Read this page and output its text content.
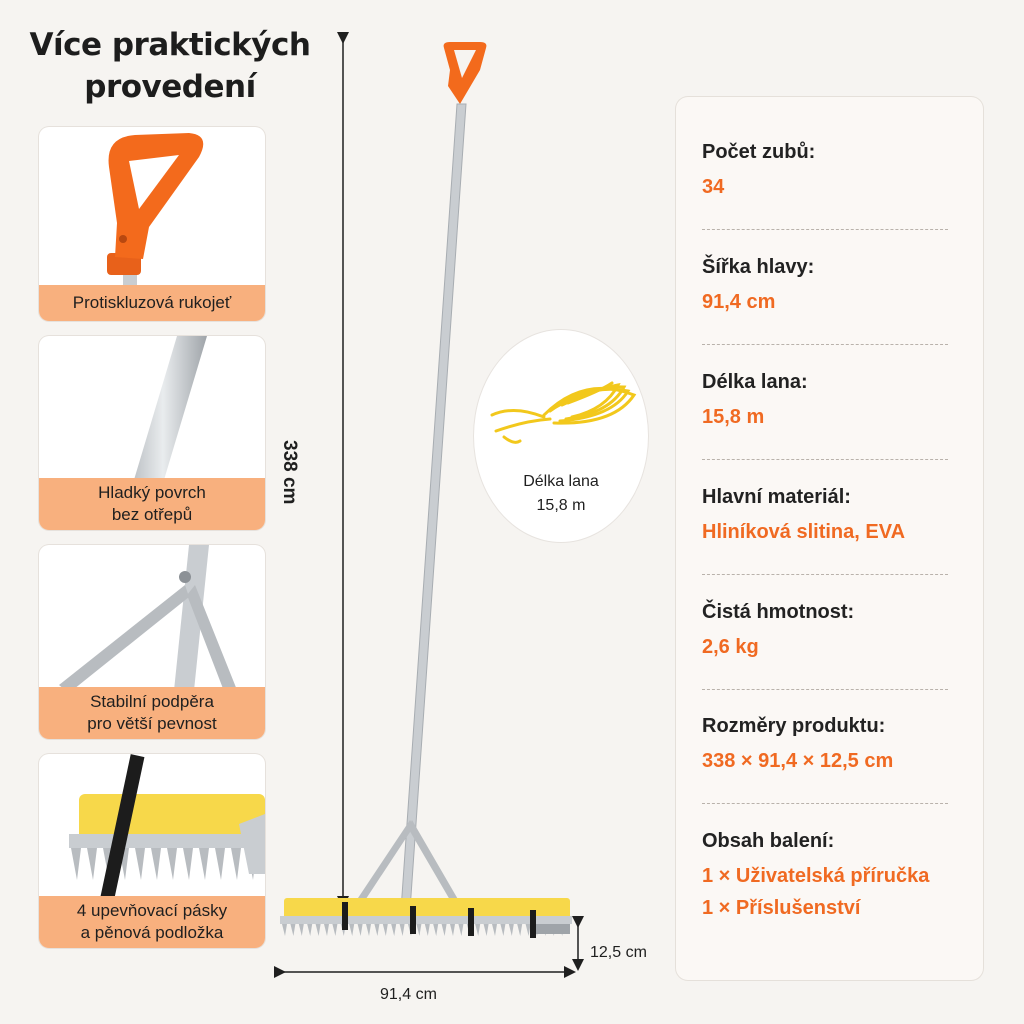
Více praktických
provedení
Protiskluzová rukojeť
Hladký povrch
bez otřepů
Stabilní podpěra
pro větší pevnost
4 upevňovací pásky
a pěnová podložka
338 cm
91,4 cm
12,5 cm
Délka lana
15,8 m
Počet zubů:
34
Šířka hlavy:
91,4 cm
Délka lana:
15,8 m
Hlavní materiál:
Hliníková slitina, EVA
Čistá hmotnost:
2,6 kg
Rozměry produktu:
338 × 91,4 × 12,5 cm
Obsah balení:
1 × Uživatelská příručka
1 × Příslušenství
